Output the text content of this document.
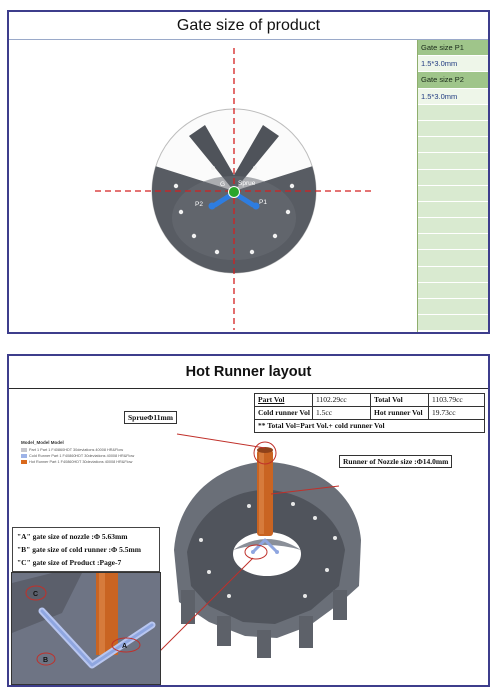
Gate size of product
G Sprue
P1
P2
Gate size P1
1.5*3.0mm
Gate size P2
1.5*3.0mm
Hot Runner layout
Part Vol	1102.29cc	Total Vol	1103.79cc
Cold runner Vol 1.5cc	Hot runner Vol	19.73cc
** Total Vol=Part Vol.+ cold runner Vol
SprueΦ11mm
Runner of Nozzle size :Φ14.0mm
Model_Model Model
Part 1 Part 1 F40860HDT 30deviations 40008 HR&Flow
Cold Runner Part 1 F40860HDT 30deviations 40008 HR&Flow
Hot Runner Part 1 F40860HDT 30deviations 40008 HR&Flow
"A" gate size of nozzle :Φ 5.63mm
"B" gate size of cold runner :Φ 5.5mm
"C" gate size of Product :Page-7
A
B
C
